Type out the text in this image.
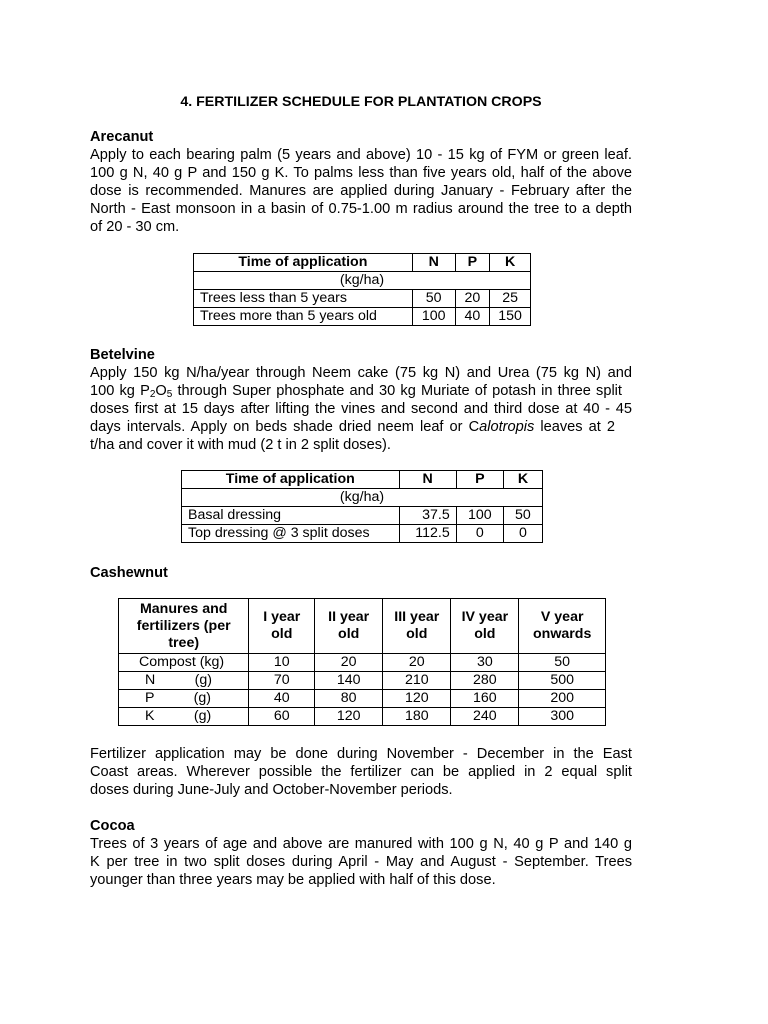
4. FERTILIZER SCHEDULE FOR PLANTATION CROPS
Arecanut
Apply to each bearing palm (5 years and above) 10 - 15 kg of FYM or green leaf.
100 g N, 40 g P and 150 g K. To palms less than five years old, half of the above
dose is recommended. Manures are applied during January - February after the
North - East monsoon in a basin of 0.75-1.00 m radius around the tree to a depth
of 20 - 30 cm.
Time of application	N	P	K
(kg/ha)			
Trees less than 5 years	50	20	25
Trees more than 5 years old	100	40	150
Betelvine
Apply 150 kg N/ha/year through Neem cake (75 kg N) and Urea (75 kg N) and
100 kg $P_2O_5$ through Super phosphate and 30 kg Muriate of potash in three split
doses first at 15 days after lifting the vines and second and third dose at 40 - 45
days intervals. Apply on beds shade dried neem leaf or Calotropis leaves at 2
t/ha and cover it with mud (2 t in 2 split doses).
Time of application	N	P	K
(kg/ha)			
Basal dressing	37.5	100	50
Top dressing @ 3 split doses	112.5	0	0
Cashewnut
Manures and fertilizers (per tree)	I year old	II year old	III year old	IV year old	V year onwards
Compost (kg)	10	20	20	30	50
N          (g)	70	140	210	280	500
P          (g)	40	80	120	160	200
K          (g)	60	120	180	240	300
Fertilizer application may be done during November - December in the East
Coast areas. Wherever possible the fertilizer can be applied in 2 equal split
doses during June-July and October-November periods.
Cocoa
Trees of 3 years of age and above are manured with 100 g N, 40 g P and 140 g
K per tree in two split doses during April - May and August - September. Trees
younger than three years may be applied with half of this dose.
